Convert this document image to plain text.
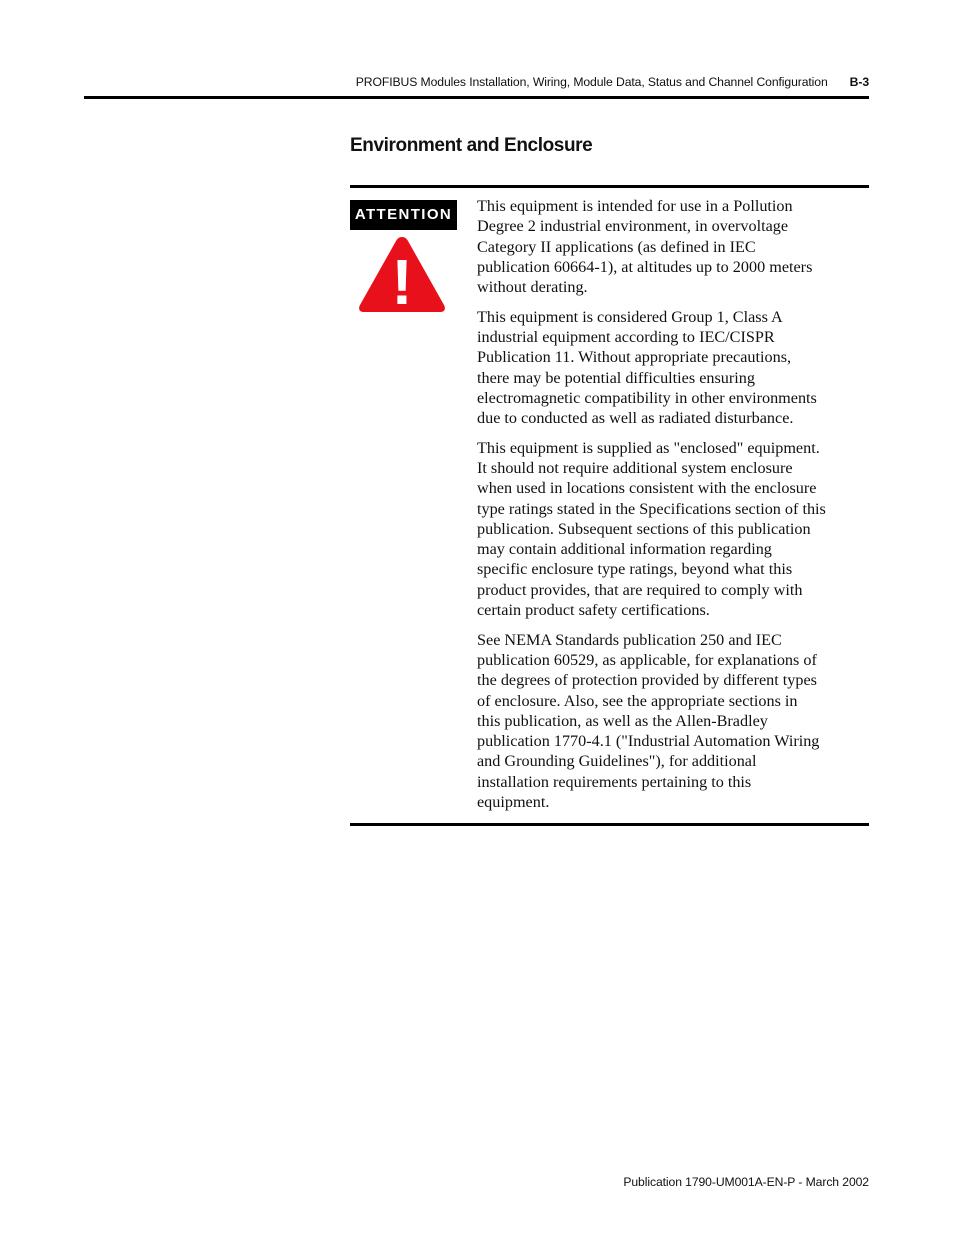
PROFIBUS Modules Installation, Wiring, Module Data, Status and Channel Configuration B-3
Environment and Enclosure
ATTENTION
!

This equipment is intended for use in a Pollution
Degree 2 industrial environment, in overvoltage
Category II applications (as defined in IEC
publication 60664-1), at altitudes up to 2000 meters
without derating.

This equipment is considered Group 1, Class A
industrial equipment according to IEC/CISPR
Publication 11. Without appropriate precautions,
there may be potential difficulties ensuring
electromagnetic compatibility in other environments
due to conducted as well as radiated disturbance.

This equipment is supplied as "enclosed" equipment.
It should not require additional system enclosure
when used in locations consistent with the enclosure
type ratings stated in the Specifications section of this
publication. Subsequent sections of this publication
may contain additional information regarding
specific enclosure type ratings, beyond what this
product provides, that are required to comply with
certain product safety certifications.

See NEMA Standards publication 250 and IEC
publication 60529, as applicable, for explanations of
the degrees of protection provided by different types
of enclosure. Also, see the appropriate sections in
this publication, as well as the Allen-Bradley
publication 1770-4.1 ("Industrial Automation Wiring
and Grounding Guidelines"), for additional
installation requirements pertaining to this
equipment.

Publication 1790-UM001A-EN-P - March 2002
